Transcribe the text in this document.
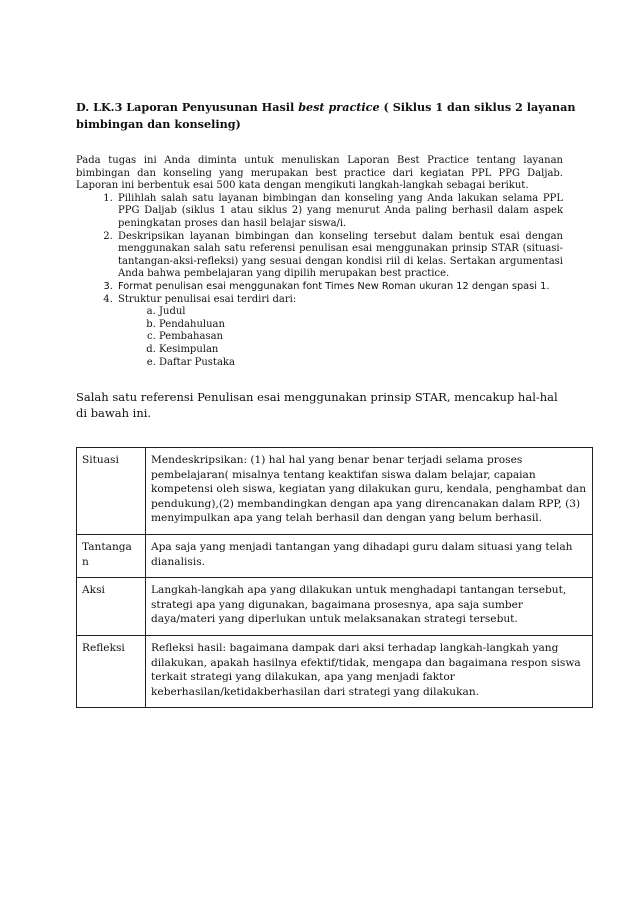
D. LK.3 Laporan Penyusunan Hasil best practice ( Siklus 1 dan siklus 2 layanan bimbingan dan konseling)

Pada tugas ini Anda diminta untuk menuliskan Laporan Best Practice tentang layanan bimbingan dan konseling yang merupakan best practice dari kegiatan PPL PPG Daljab. Laporan ini berbentuk esai 500 kata dengan mengikuti langkah-langkah sebagai berikut.

1. Pilihlah salah satu layanan bimbingan dan konseling yang Anda lakukan selama PPL PPG Daljab (siklus 1 atau siklus 2) yang menurut Anda paling berhasil dalam aspek peningkatan proses dan hasil belajar siswa/i.
2. Deskripsikan layanan bimbingan dan konseling tersebut dalam bentuk esai dengan menggunakan salah satu referensi penulisan esai menggunakan prinsip STAR (situasi-tantangan-aksi-refleksi) yang sesuai dengan kondisi riil di kelas. Sertakan argumentasi Anda bahwa pembelajaran yang dipilih merupakan best practice.
3. Format penulisan esai menggunakan font Times New Roman ukuran 12 dengan spasi 1.
4. Struktur penulisai esai terdiri dari:
a. Judul
b. Pendahuluan
c. Pembahasan
d. Kesimpulan
e. Daftar Pustaka
Salah satu referensi Penulisan esai menggunakan prinsip STAR, mencakup hal-hal di bawah ini.
Situasi	Mendeskripsikan: (1) hal hal yang benar benar terjadi selama proses pembelajaran( misalnya tentang keaktifan siswa dalam belajar, capaian kompetensi oleh siswa, kegiatan yang dilakukan guru, kendala, penghambat dan pendukung),(2) membandingkan dengan apa yang direncanakan dalam RPP, (3) menyimpulkan apa yang telah berhasil dan dengan yang belum berhasil.
Tantanga n	Apa saja yang menjadi tantangan yang dihadapi guru dalam situasi yang telah dianalisis.
Aksi	Langkah-langkah apa yang dilakukan untuk menghadapi tantangan tersebut, strategi apa yang digunakan, bagaimana prosesnya, apa saja sumber daya/materi yang diperlukan untuk melaksanakan strategi tersebut.
Refleksi	Refleksi hasil: bagaimana dampak dari aksi terhadap langkah-langkah yang dilakukan, apakah hasilnya efektif/tidak, mengapa dan bagaimana respon siswa terkait strategi yang dilakukan, apa yang menjadi faktor keberhasilan/ketidakberhasilan dari strategi yang dilakukan.
